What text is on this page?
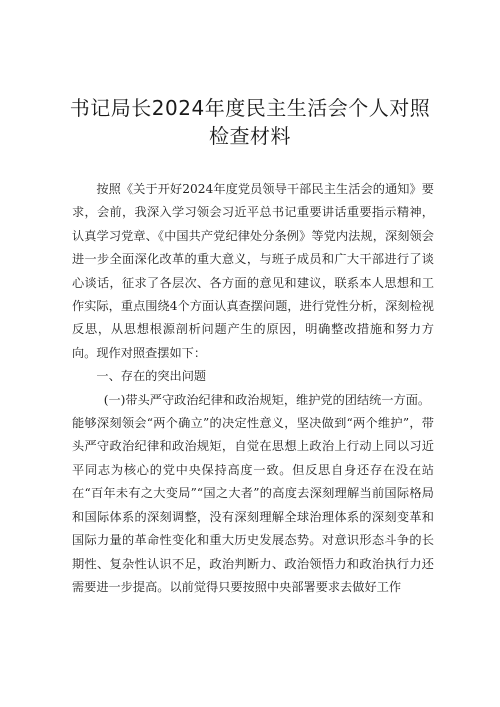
书记局长2024年度民主生活会个人对照检查材料

按照《关于开好2024年度党员领导干部民主生活会的通知》要求，会前，我深入学习领会习近平总书记重要讲话重要指示精神，认真学习党章、《中国共产党纪律处分条例》等党内法规，深刻领会进一步全面深化改革的重大意义，与班子成员和广大干部进行了谈心谈话，征求了各层次、各方面的意见和建议，联系本人思想和工作实际，重点围绕4个方面认真查摆问题，进行党性分析，深刻检视反思，从思想根源剖析问题产生的原因，明确整改措施和努力方向。现作对照查摆如下：

一、存在的突出问题

(一)带头严守政治纪律和政治规矩，维护党的团结统一方面。

能够深刻领会“两个确立”的决定性意义，坚决做到“两个维护”，带头严守政治纪律和政治规矩，自觉在思想上政治上行动上同以习近平同志为核心的党中央保持高度一致。但反思自身还存在没在站在“百年未有之大变局”“国之大者”的高度去深刻理解当前国际格局和国际体系的深刻调整，没有深刻理解全球治理体系的深刻变革和国际力量的革命性变化和重大历史发展态势。对意识形态斗争的长期性、复杂性认识不足，政治判断力、政治领悟力和政治执行力还需要进一步提高。以前觉得只要按照中央部署要求去做好工作
